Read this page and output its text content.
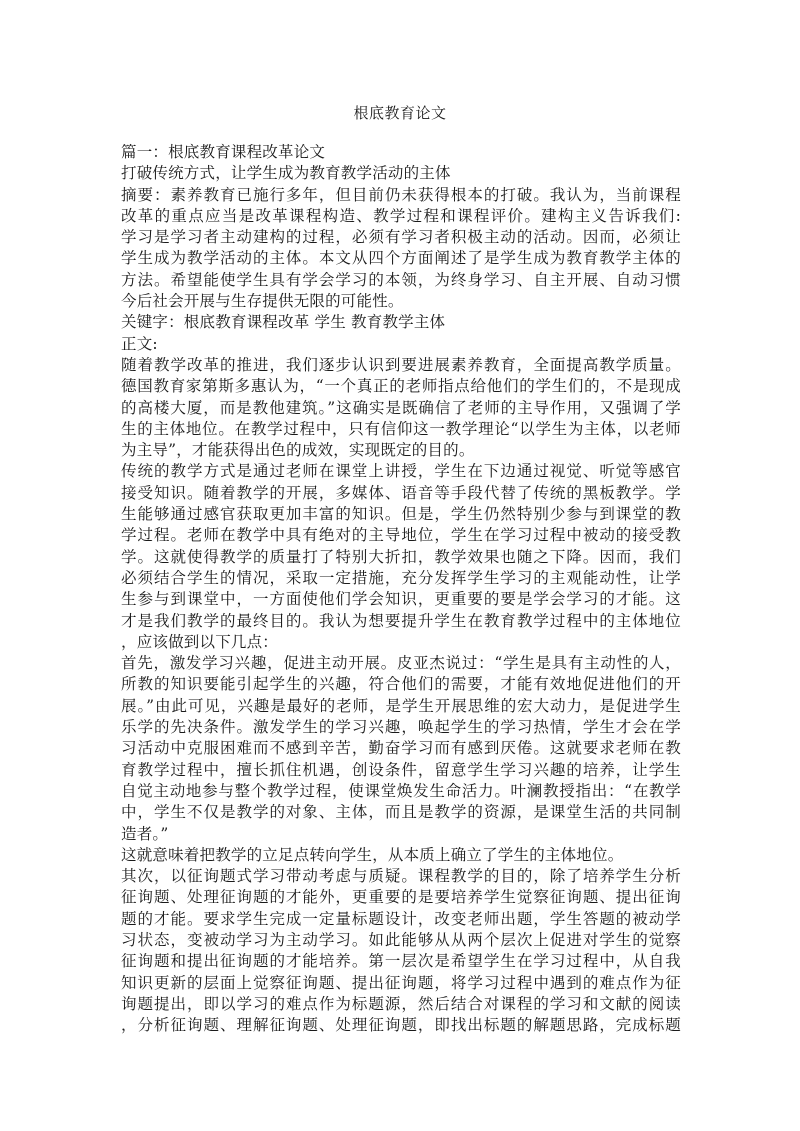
根底教育论文
篇一：根底教育课程改革论文
打破传统方式，让学生成为教育教学活动的主体
摘要：素养教育已施行多年，但目前仍未获得根本的打破。我认为，当前课程
改革的重点应当是改革课程构造、教学过程和课程评价。建构主义告诉我们:
学习是学习者主动建构的过程，必须有学习者积极主动的活动。因而，必须让
学生成为教学活动的主体。本文从四个方面阐述了是学生成为教育教学主体的
方法。希望能使学生具有学会学习的本领，为终身学习、自主开展、自动习惯
今后社会开展与生存提供无限的可能性。
关键字：根底教育课程改革 学生 教育教学主体
正文:
随着教学改革的推进，我们逐步认识到要进展素养教育，全面提高教学质量。
德国教育家第斯多惠认为，“一个真正的老师指点给他们的学生们的，不是现成
的高楼大厦，而是教他建筑。”这确实是既确信了老师的主导作用，又强调了学
生的主体地位。在教学过程中，只有信仰这一教学理论“以学生为主体，以老师
为主导”，才能获得出色的成效，实现既定的目的。
传统的教学方式是通过老师在课堂上讲授，学生在下边通过视觉、听觉等感官
接受知识。随着教学的开展，多媒体、语音等手段代替了传统的黑板教学。学
生能够通过感官获取更加丰富的知识。但是，学生仍然特别少参与到课堂的教
学过程。老师在教学中具有绝对的主导地位，学生在学习过程中被动的接受教
学。这就使得教学的质量打了特别大折扣，教学效果也随之下降。因而，我们
必须结合学生的情况，采取一定措施，充分发挥学生学习的主观能动性，让学
生参与到课堂中，一方面使他们学会知识，更重要的要是学会学习的才能。这
才是我们教学的最终目的。我认为想要提升学生在教育教学过程中的主体地位
，应该做到以下几点：
首先，激发学习兴趣，促进主动开展。皮亚杰说过：“学生是具有主动性的人，
所教的知识要能引起学生的兴趣，符合他们的需要，才能有效地促进他们的开
展。”由此可见，兴趣是最好的老师，是学生开展思维的宏大动力，是促进学生
乐学的先决条件。激发学生的学习兴趣，唤起学生的学习热情，学生才会在学
习活动中克服困难而不感到辛苦，勤奋学习而有感到厌倦。这就要求老师在教
育教学过程中，擅长抓住机遇，创设条件，留意学生学习兴趣的培养，让学生
自觉主动地参与整个教学过程，使课堂焕发生命活力。叶澜教授指出：“在教学
中，学生不仅是教学的对象、主体，而且是教学的资源，是课堂生活的共同制
造者。”
这就意味着把教学的立足点转向学生，从本质上确立了学生的主体地位。
其次，以征询题式学习带动考虑与质疑。课程教学的目的，除了培养学生分析
征询题、处理征询题的才能外，更重要的是要培养学生觉察征询题、提出征询
题的才能。要求学生完成一定量标题设计，改变老师出题，学生答题的被动学
习状态，变被动学习为主动学习。如此能够从从两个层次上促进对学生的觉察
征询题和提出征询题的才能培养。第一层次是希望学生在学习过程中，从自我
知识更新的层面上觉察征询题、提出征询题，将学习过程中遇到的难点作为征
询题提出，即以学习的难点作为标题源，然后结合对课程的学习和文献的阅读
，分析征询题、理解征询题、处理征询题，即找出标题的解题思路，完成标题
